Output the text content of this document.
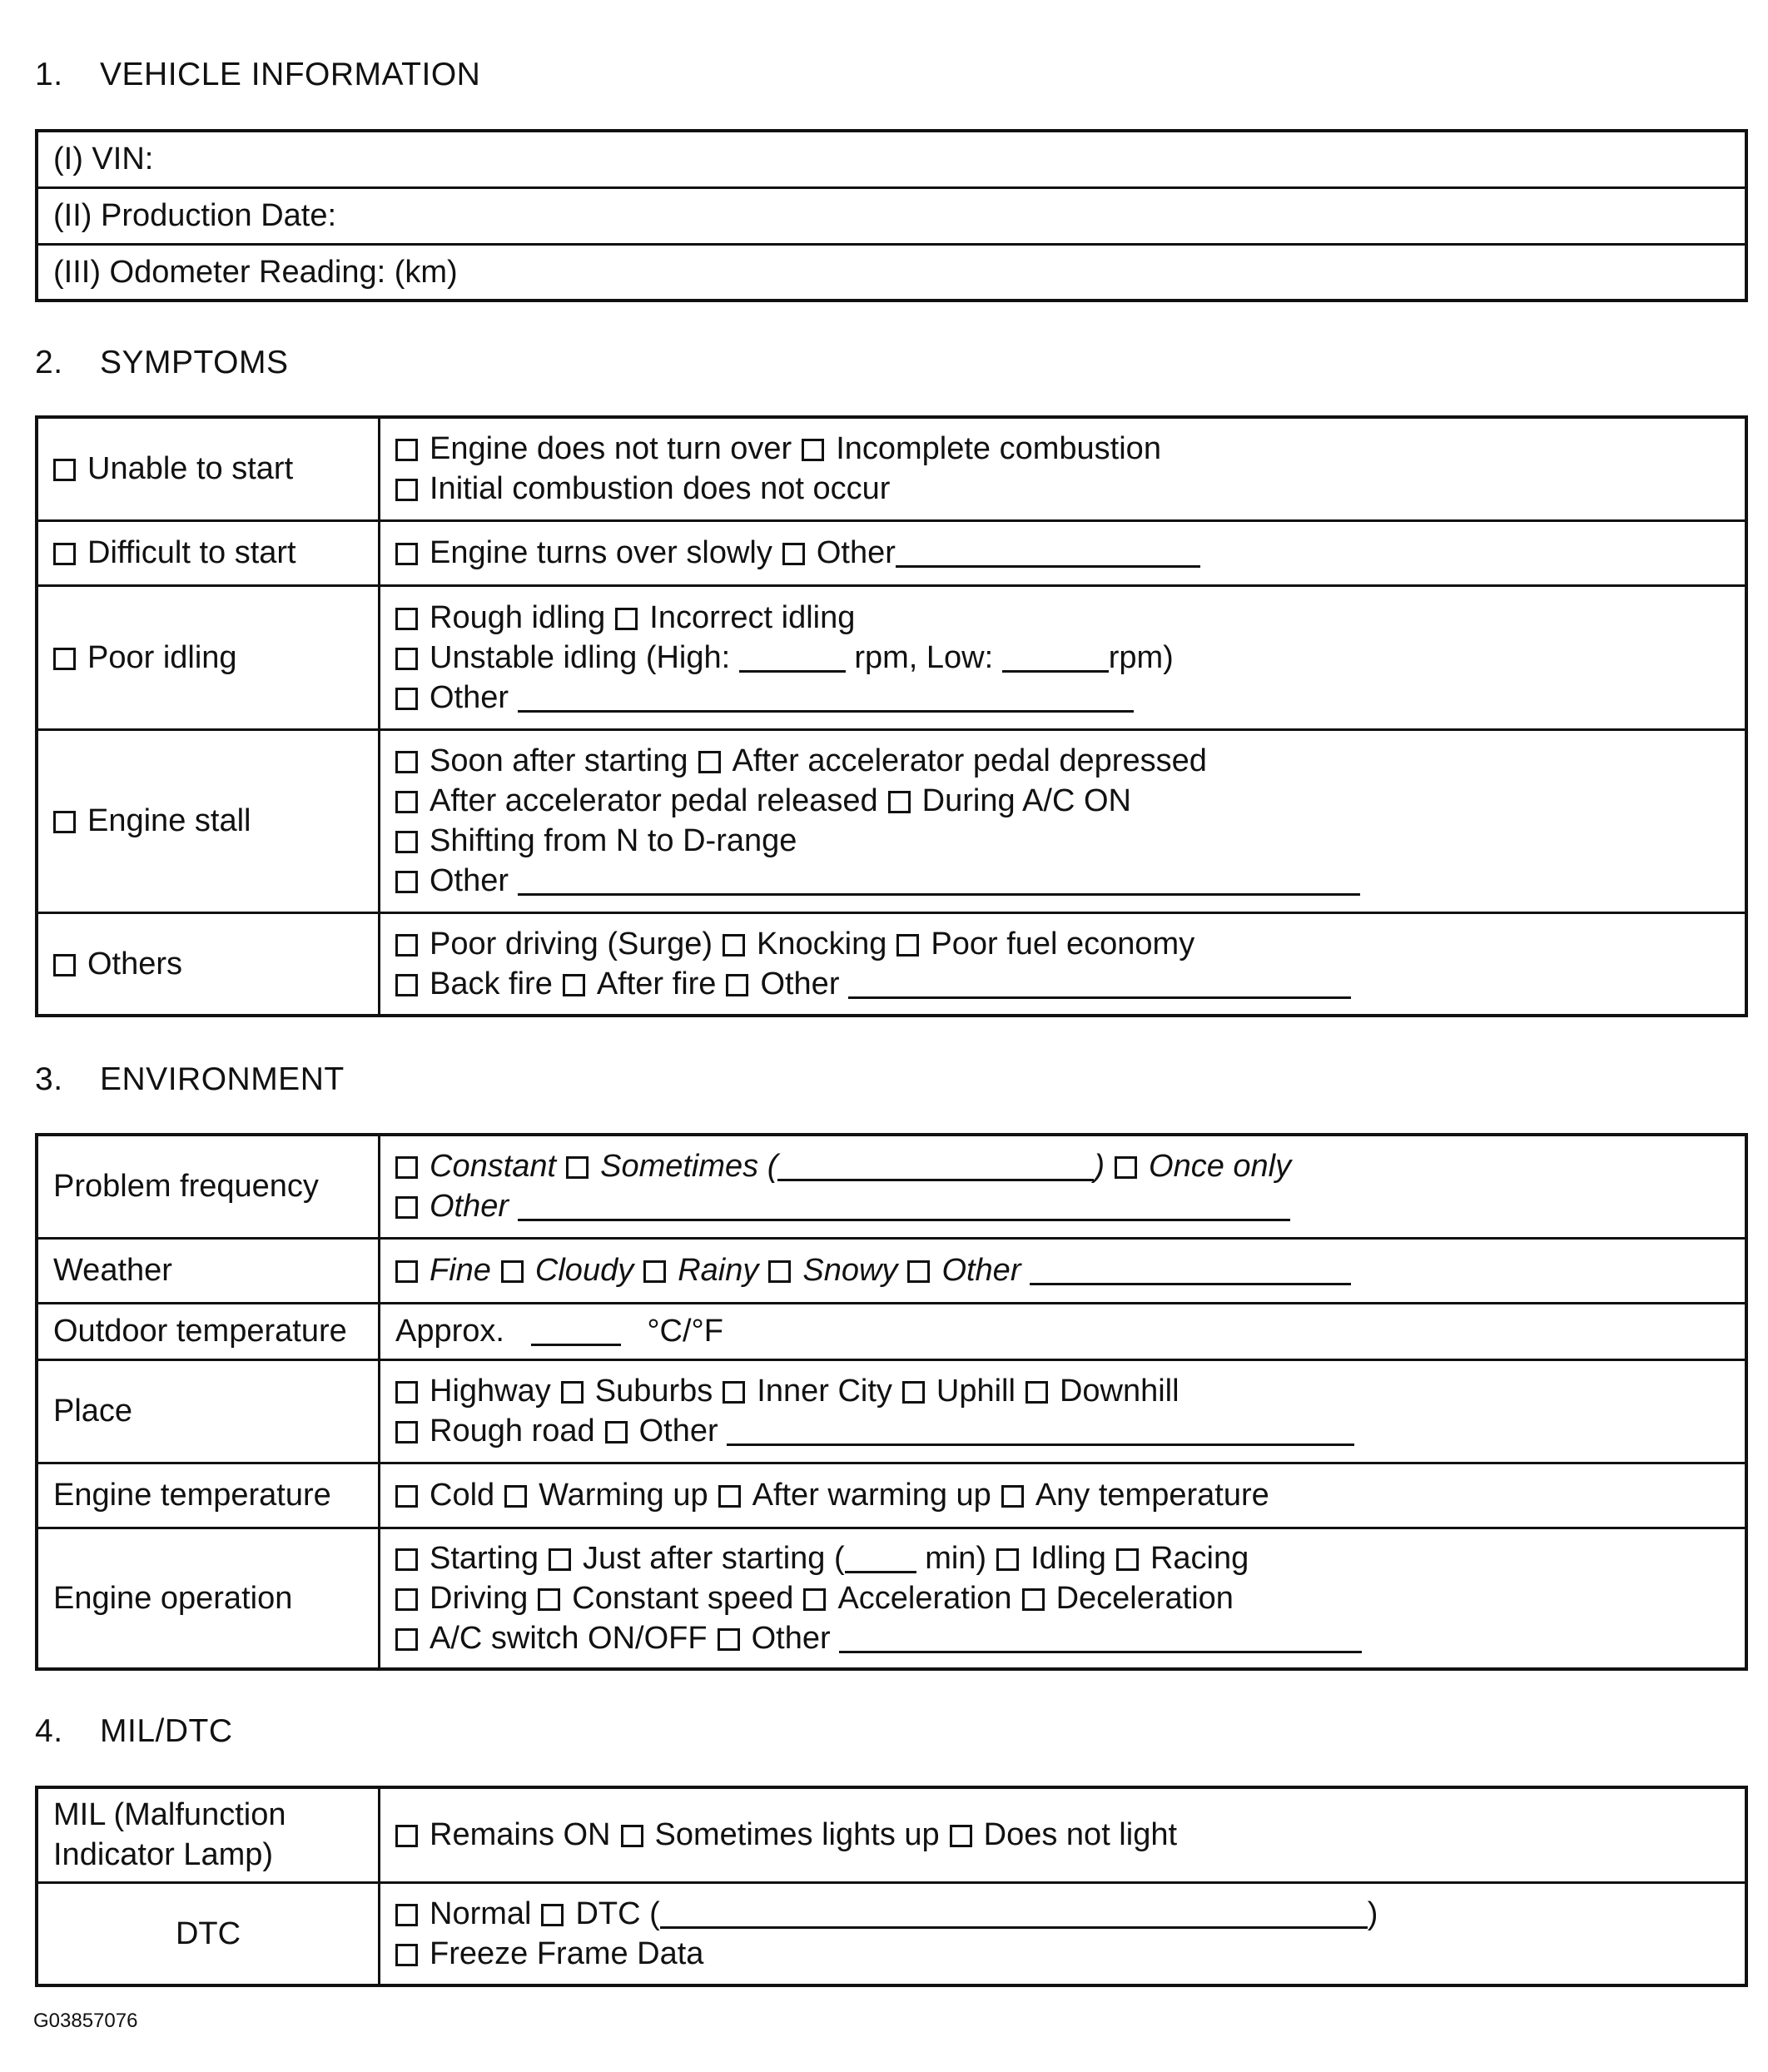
1. VEHICLE INFORMATION
(I) VIN:
(II) Production Date:
(III) Odometer Reading: (km)
2. SYMPTOMS
Unable to start	Engine does not turn over Incomplete combustion
Initial combustion does not occur

Difficult to start	Engine turns over slowly Other

Poor idling	Rough idling Incorrect idling
Unstable idling (High: rpm, Low: rpm)
Other

Engine stall	Soon after starting After accelerator pedal depressed
After accelerator pedal released During A/C ON
Shifting from N to D-range
Other

Others	Poor driving (Surge) Knocking Poor fuel economy
Back fire After fire Other
3. ENVIRONMENT
Problem frequency	Constant Sometimes ( ) Once only
Other

Weather	Fine Cloudy Rainy Snowy Other

Outdoor temperature	Approx. °C/°F

Place	Highway Suburbs Inner City Uphill Downhill
Rough road Other

Engine temperature	Cold Warming up After warming up Any temperature

Engine operation	Starting Just after starting ( min) Idling Racing
Driving Constant speed Acceleration Deceleration
A/C switch ON/OFF Other
4. MIL/DTC
MIL (Malfunction
Indicator Lamp)	Remains ON Sometimes lights up Does not light

DTC	Normal DTC ( )
Freeze Frame Data
G03857076
